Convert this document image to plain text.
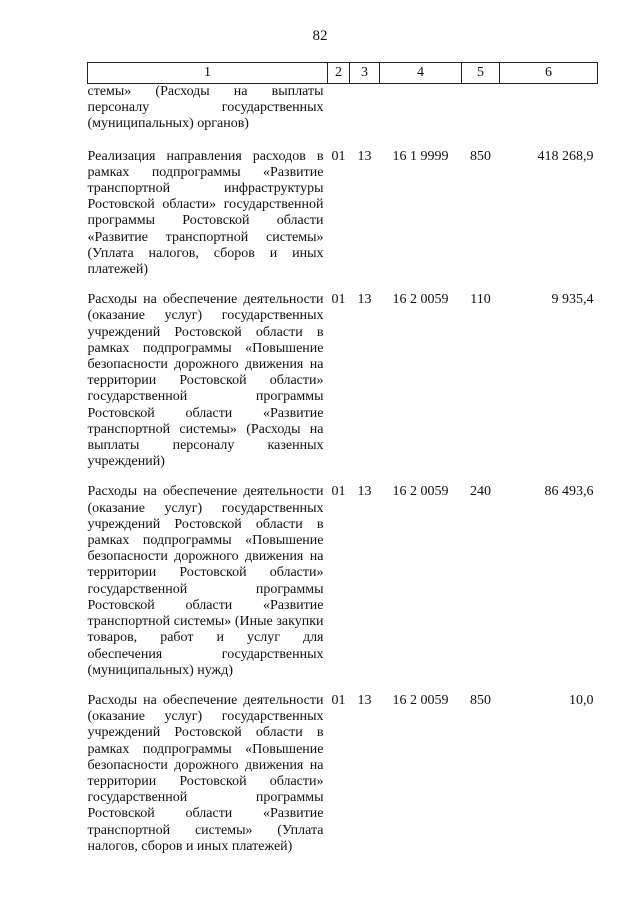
82
1	2	3	4	5	6
стемы» (Расходы на выплаты персоналу государственных (муниципальных) органов)					
Реализация направления расходов в рамках подпрограммы «Развитие транспортной инфраструктуры Ростовской области» государственной программы Ростовской области «Развитие транспортной системы» (Уплата налогов, сборов и иных платежей)	01	13	16 1 9999	850	418 268,9
Расходы на обеспечение деятельности (оказание услуг) государственных учреждений Ростовской области в рамках подпрограммы «Повышение безопасности дорожного движения на территории Ростовской области» государственной программы Ростовской области «Развитие транспортной системы» (Расходы на выплаты персоналу казенных учреждений)	01	13	16 2 0059	110	9 935,4
Расходы на обеспечение деятельности (оказание услуг) государственных учреждений Ростовской области в рамках подпрограммы «Повышение безопасности дорожного движения на территории Ростовской области» государственной программы Ростовской области «Развитие транспортной системы» (Иные закупки товаров, работ и услуг для обеспечения государственных (муниципальных) нужд)	01	13	16 2 0059	240	86 493,6
Расходы на обеспечение деятельности (оказание услуг) государственных учреждений Ростовской области в рамках подпрограммы «Повышение безопасности дорожного движения на территории Ростовской области» государственной программы Ростовской области «Развитие транспортной системы» (Уплата налогов, сборов и иных платежей)	01	13	16 2 0059	850	10,0
